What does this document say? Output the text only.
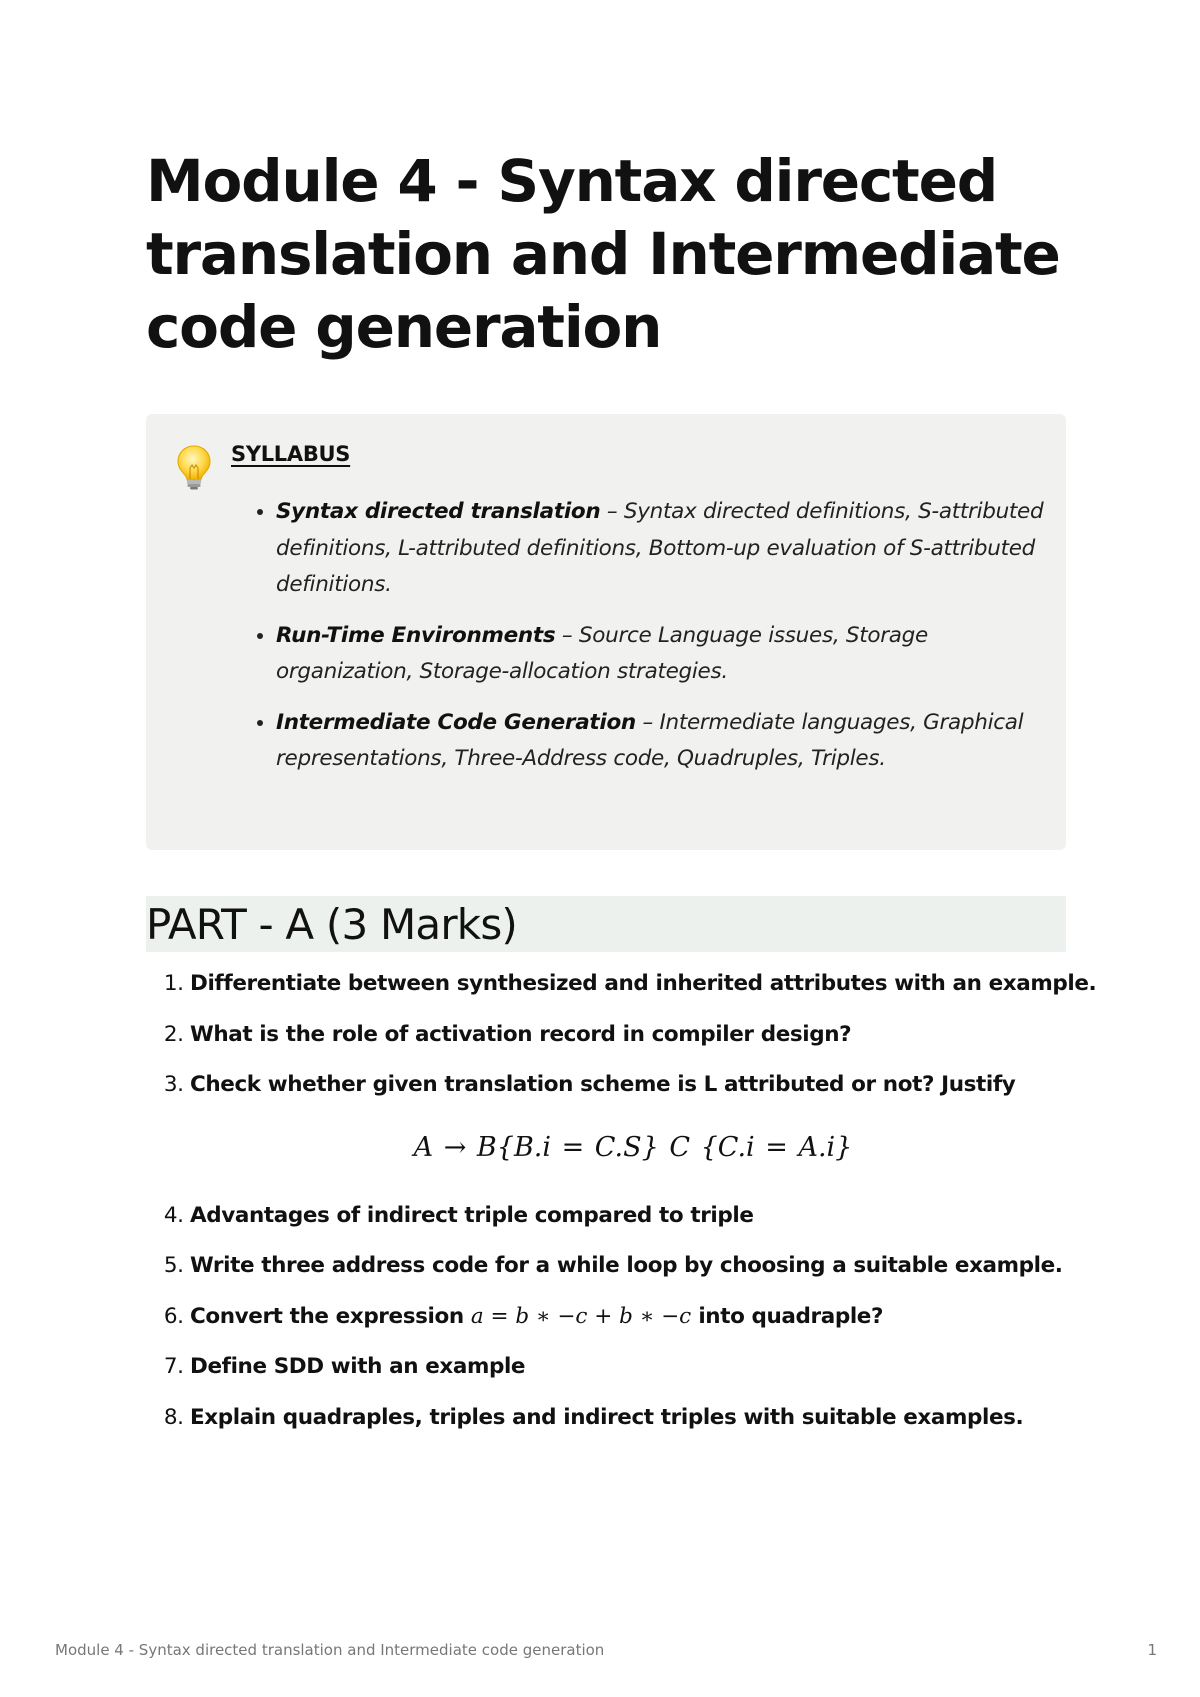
Module 4 - Syntax directed translation and Intermediate code generation
SYLLABUS
• Syntax directed translation – Syntax directed definitions, S-attributed definitions, L-attributed definitions, Bottom-up evaluation of S-attributed definitions.
• Run-Time Environments – Source Language issues, Storage organization, Storage-allocation strategies.
• Intermediate Code Generation – Intermediate languages, Graphical representations, Three-Address code, Quadruples, Triples.
PART - A (3 Marks)
1. Differentiate between synthesized and inherited attributes with an example.
2. What is the role of activation record in compiler design?
3. Check whether given translation scheme is L attributed or not? Justify
A → B{B.i = C.S} C {C.i = A.i}
4. Advantages of indirect triple compared to triple
5. Write three address code for a while loop by choosing a suitable example.
6. Convert the expression a = b ∗ −c + b ∗ −c into quadraple?
7. Define SDD with an example
8. Explain quadraples, triples and indirect triples with suitable examples.
Module 4 - Syntax directed translation and Intermediate code generation	1
